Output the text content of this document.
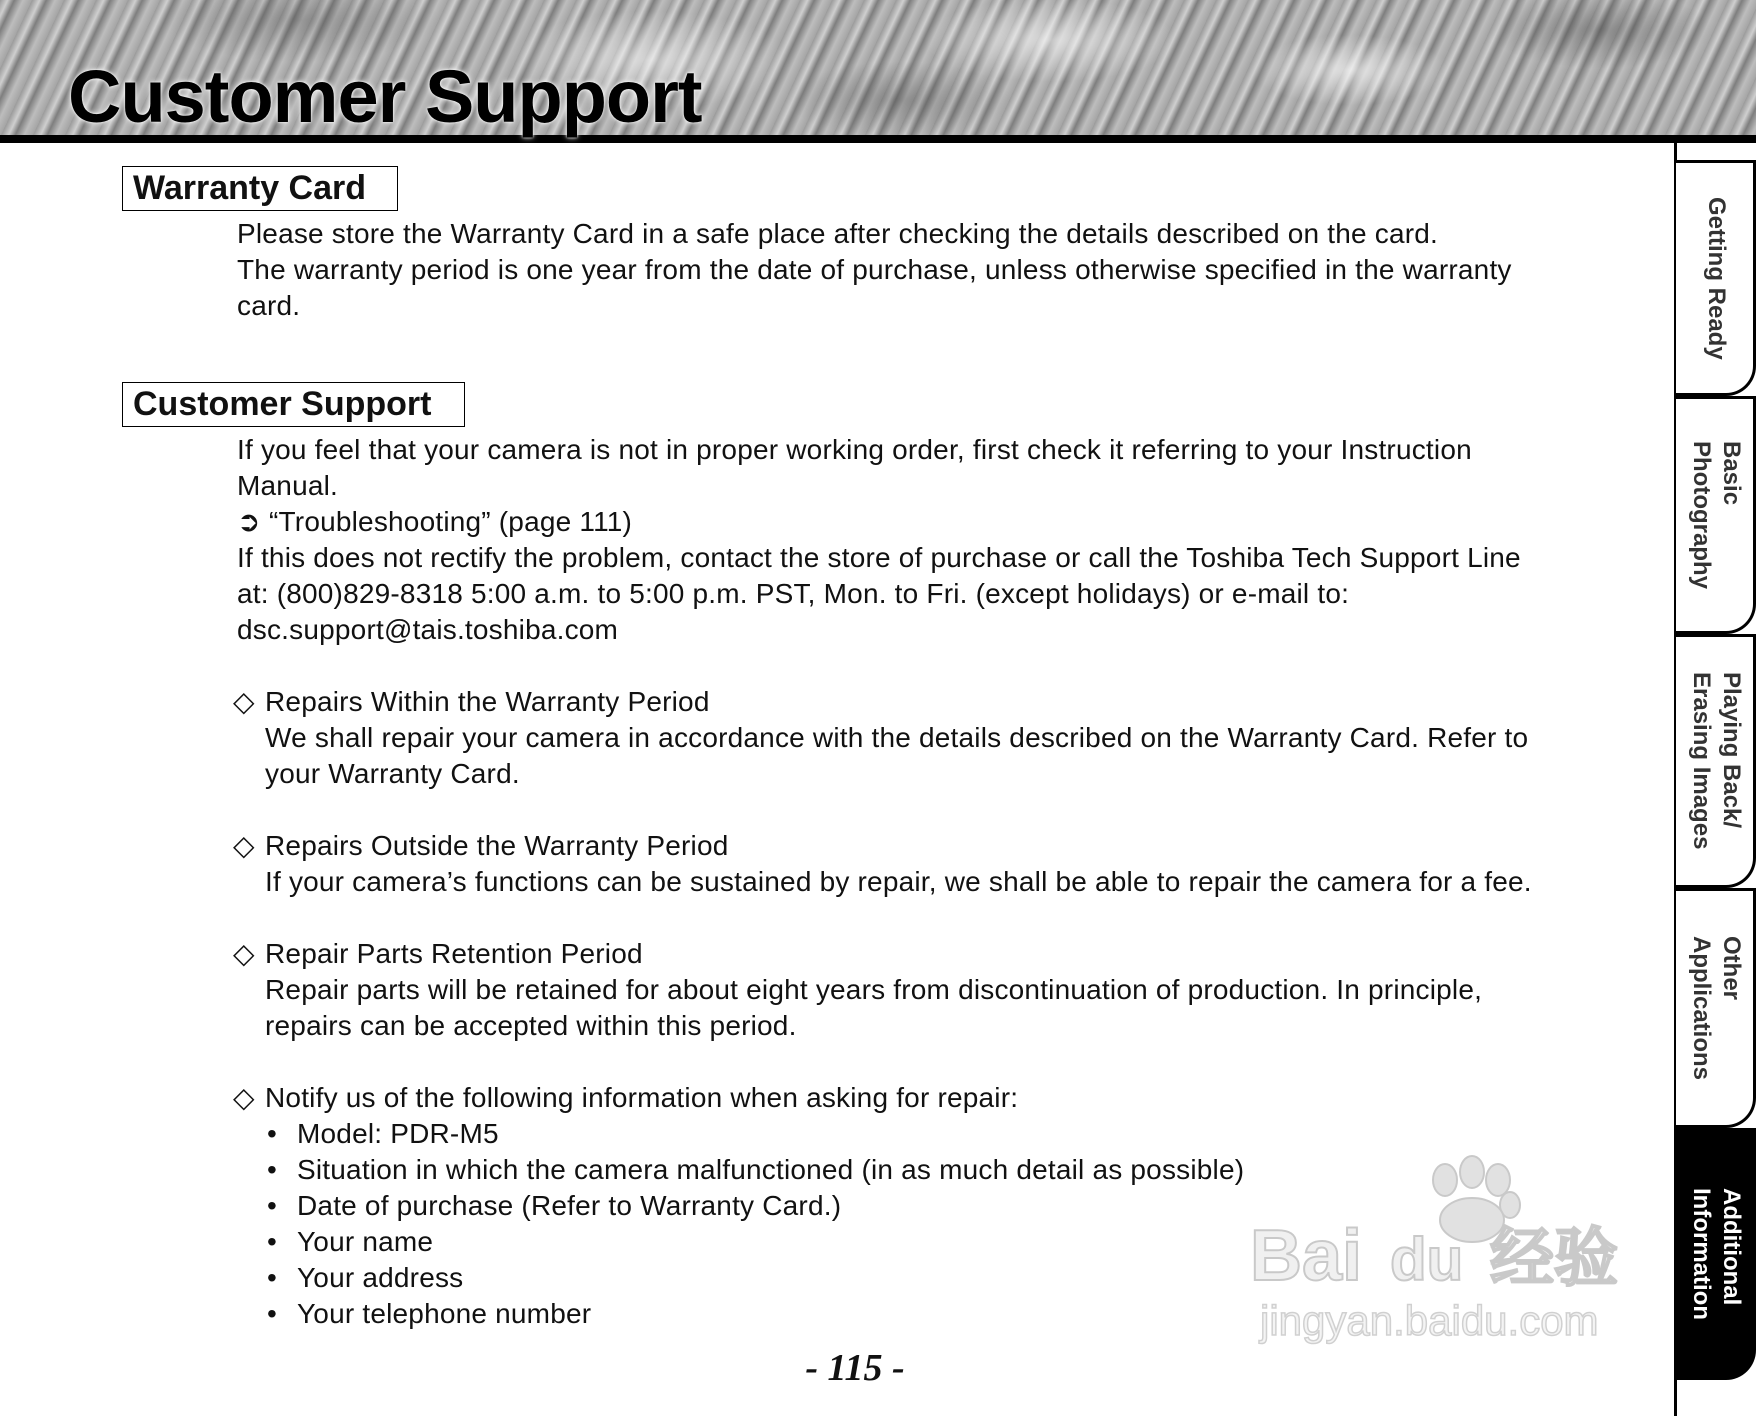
Customer Support
Warranty Card
Please store the Warranty Card in a safe place after checking the details described on the card.
The warranty period is one year from the date of purchase, unless otherwise specified in the warranty
card.
Customer Support
If you feel that your camera is not in proper working order, first check it referring to your Instruction
Manual.
➲ “Troubleshooting” (page 111)
If this does not rectify the problem, contact the store of purchase or call the Toshiba Tech Support Line
at: (800)829-8318 5:00 a.m. to 5:00 p.m. PST, Mon. to Fri. (except holidays) or e-mail to:
dsc.support@tais.toshiba.com
◇ Repairs Within the Warranty Period
We shall repair your camera in accordance with the details described on the Warranty Card. Refer to
your Warranty Card.
◇ Repairs Outside the Warranty Period
If your camera’s functions can be sustained by repair, we shall be able to repair the camera for a fee.
◇ Repair Parts Retention Period
Repair parts will be retained for about eight years from discontinuation of production. In principle,
repairs can be accepted within this period.
◇ Notify us of the following information when asking for repair:
• Model: PDR-M5
• Situation in which the camera malfunctioned (in as much detail as possible)
• Date of purchase (Refer to Warranty Card.)
• Your name
• Your address
• Your telephone number
Getting Ready
Basic
Photography
Playing Back/
Erasing Images
Other
Applications
Additional
Information
Bai du 经验
jingyan.baidu.com
- 115 -
